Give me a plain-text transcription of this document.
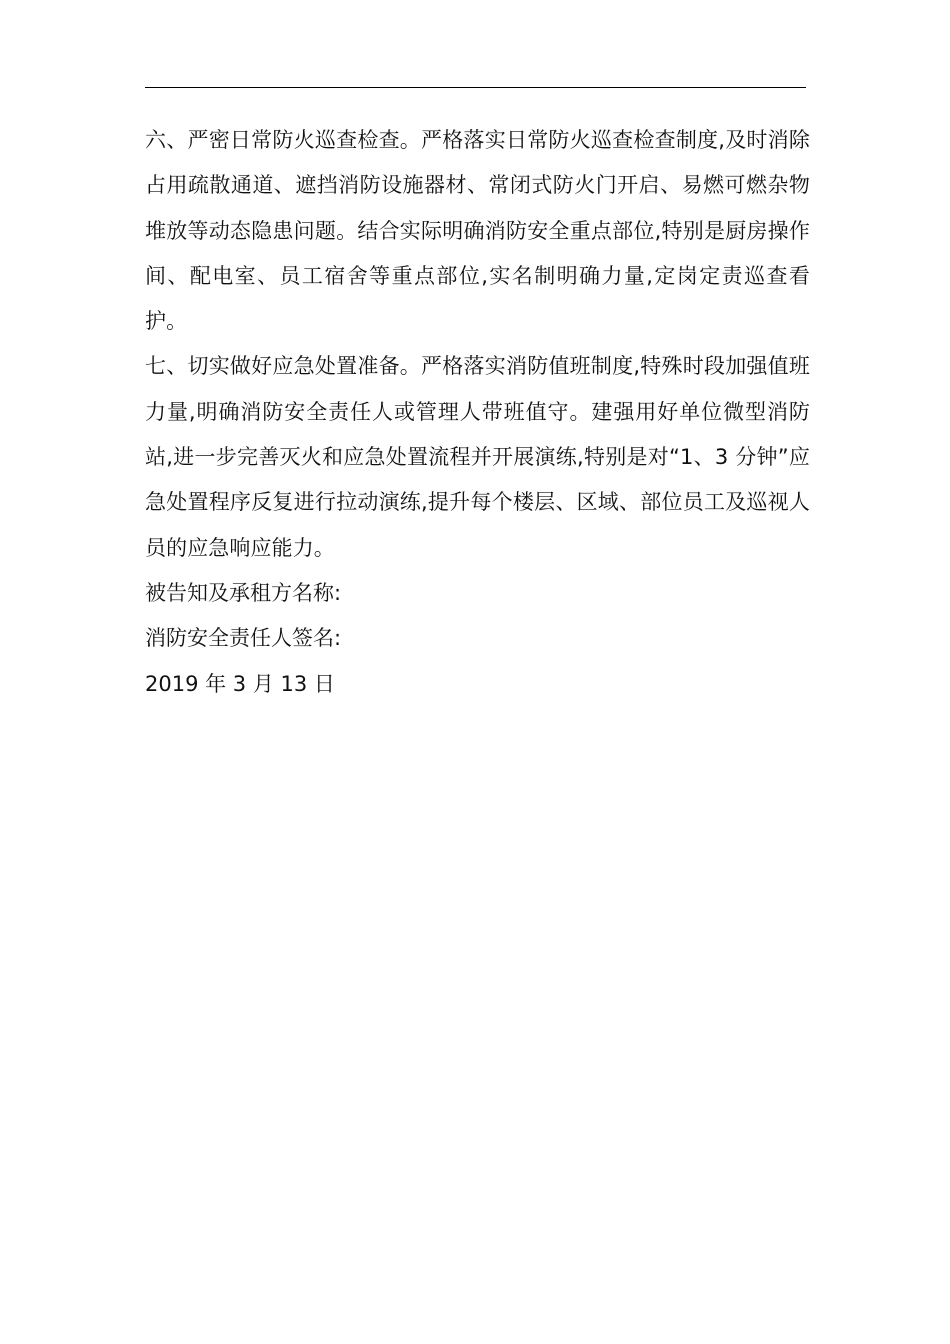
六、严密日常防火巡查检查。严格落实日常防火巡查检查制度,及时消除占用疏散通道、遮挡消防设施器材、常闭式防火门开启、易燃可燃杂物堆放等动态隐患问题。结合实际明确消防安全重点部位,特别是厨房操作间、配电室、员工宿舍等重点部位,实名制明确力量,定岗定责巡查看护。

七、切实做好应急处置准备。严格落实消防值班制度,特殊时段加强值班力量,明确消防安全责任人或管理人带班值守。建强用好单位微型消防站,进一步完善灭火和应急处置流程并开展演练,特别是对“1、3 分钟”应急处置程序反复进行拉动演练,提升每个楼层、区域、部位员工及巡视人员的应急响应能力。

被告知及承租方名称:

消防安全责任人签名:

2019 年 3 月 13 日
